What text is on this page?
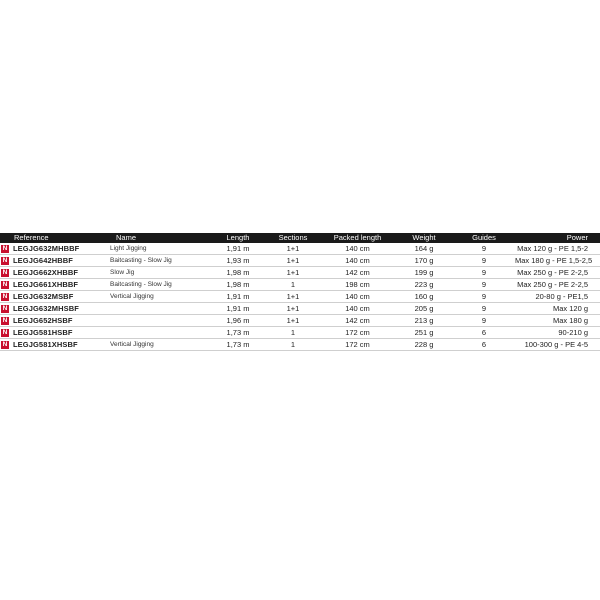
Reference	Name	Length	Sections	Packed length	Weight	Guides	Power
N LEGJG632MHBBF	Light Jigging	1,91 m	1+1	140 cm	164 g	9	Max 120 g - PE 1,5-2
N LEGJG642HBBF	Baitcasting - Slow Jig	1,93 m	1+1	140 cm	170 g	9	Max 180 g - PE 1,5-2,5
N LEGJG662XHBBF	Slow Jig	1,98 m	1+1	142 cm	199 g	9	Max 250 g - PE 2-2,5
N LEGJG661XHBBF	Baitcasting - Slow Jig	1,98 m	1	198 cm	223 g	9	Max 250 g - PE 2-2,5
N LEGJG632MSBF	Vertical Jigging	1,91 m	1+1	140 cm	160 g	9	20-80 g - PE1,5
N LEGJG632MHSBF		1,91 m	1+1	140 cm	205 g	9	Max 120 g
N LEGJG652HSBF		1,96 m	1+1	142 cm	213 g	9	Max 180 g
N LEGJG581HSBF		1,73 m	1	172 cm	251 g	6	90-210 g
N LEGJG581XHSBF	Vertical Jigging	1,73 m	1	172 cm	228 g	6	100-300 g - PE 4-5
